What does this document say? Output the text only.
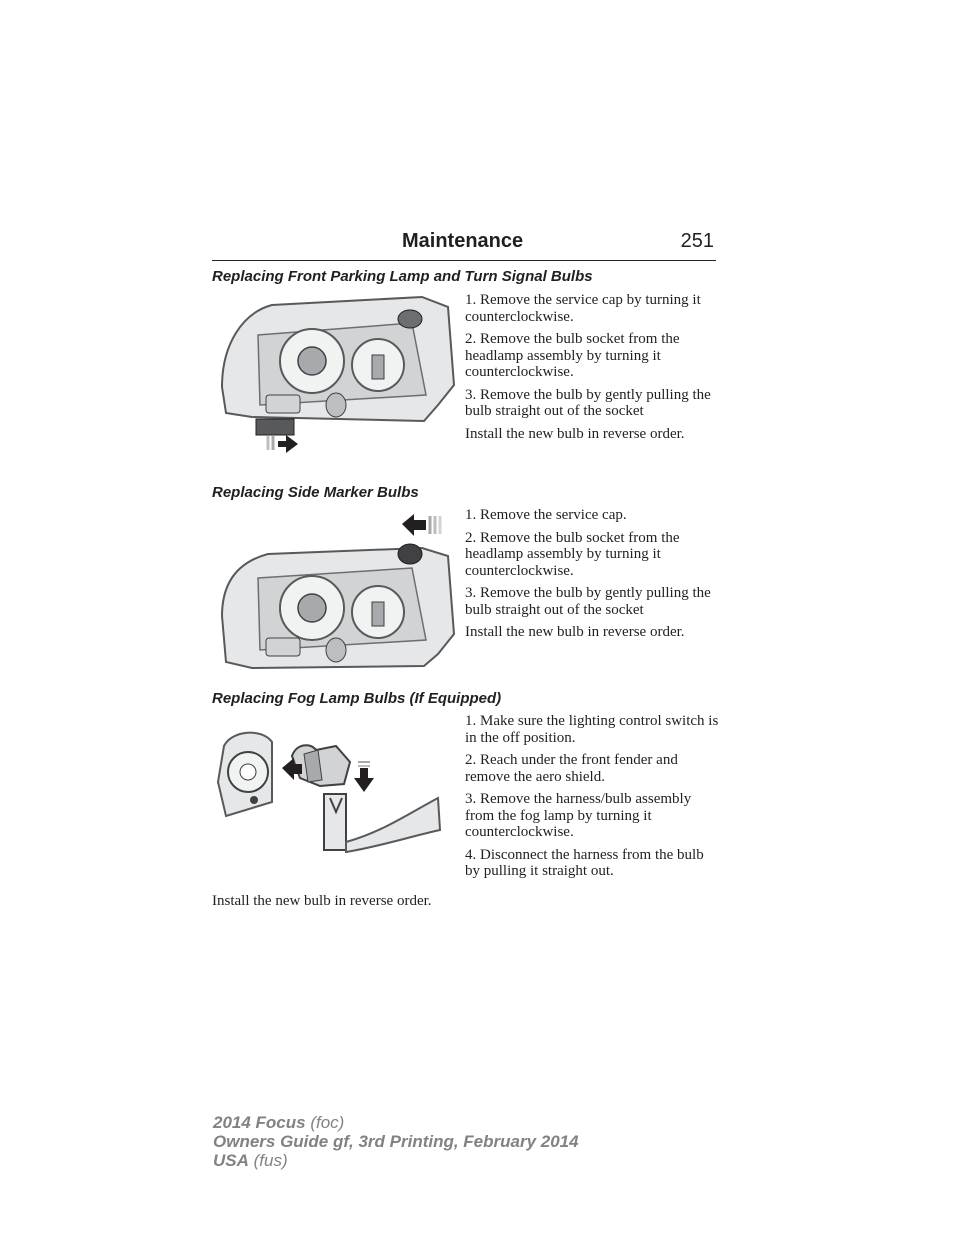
Maintenance	251
Replacing Front Parking Lamp and Turn Signal Bulbs

1. Remove the service cap by turning it counterclockwise.

2. Remove the bulb socket from the headlamp assembly by turning it counterclockwise.

3. Remove the bulb by gently pulling the bulb straight out of the socket

Install the new bulb in reverse order.

Replacing Side Marker Bulbs

1. Remove the service cap.

2. Remove the bulb socket from the headlamp assembly by turning it counterclockwise.

3. Remove the bulb by gently pulling the bulb straight out of the socket

Install the new bulb in reverse order.

Replacing Fog Lamp Bulbs (If Equipped)

1. Make sure the lighting control switch is in the off position.

2. Reach under the front fender and remove the aero shield.

3. Remove the harness/bulb assembly from the fog lamp by turning it counterclockwise.

4. Disconnect the harness from the bulb by pulling it straight out.

Install the new bulb in reverse order.
2014 Focus (foc)
Owners Guide gf, 3rd Printing, February 2014
USA (fus)
